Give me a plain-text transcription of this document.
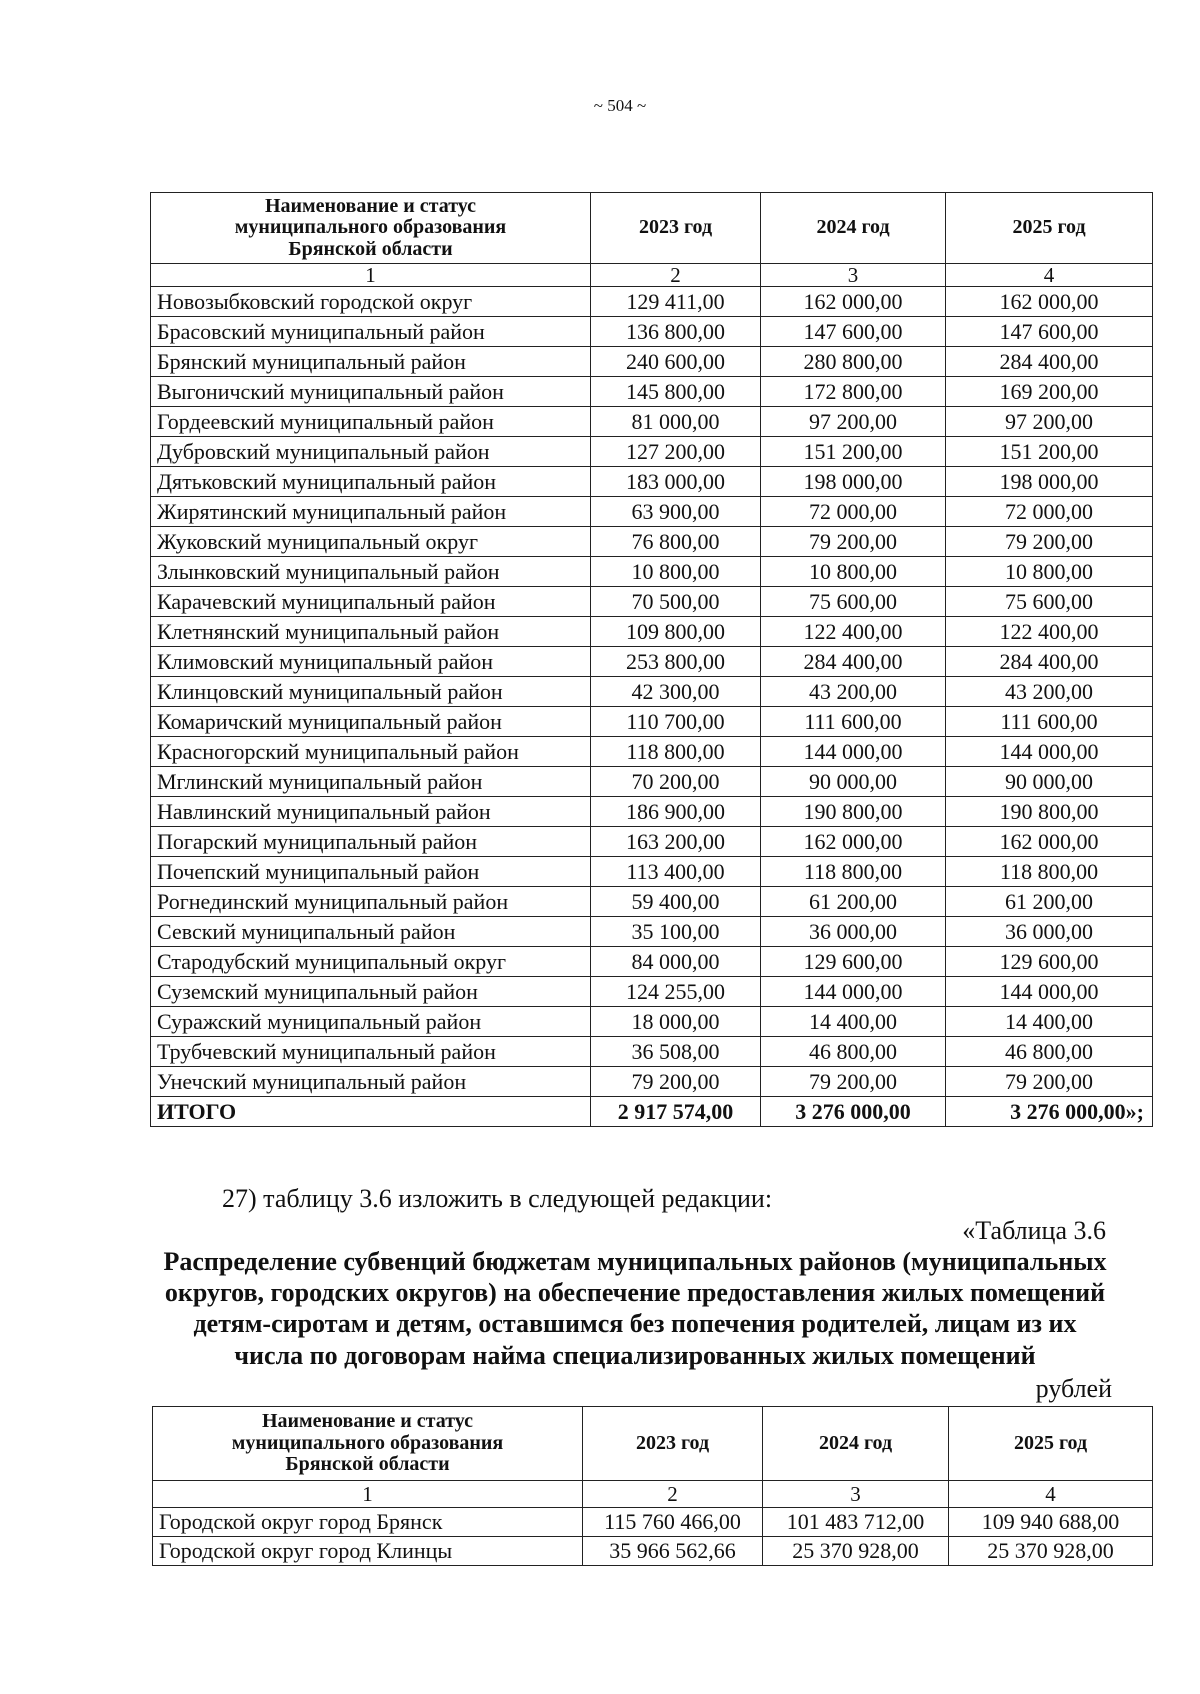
~ 504 ~
Наименование и статус муниципального образования Брянской области	2023 год	2024 год	2025 год
1	2	3	4
Новозыбковский городской округ	129 411,00	162 000,00	162 000,00
Брасовский муниципальный район	136 800,00	147 600,00	147 600,00
Брянский муниципальный район	240 600,00	280 800,00	284 400,00
Выгоничский муниципальный район	145 800,00	172 800,00	169 200,00
Гордеевский муниципальный район	81 000,00	97 200,00	97 200,00
Дубровский муниципальный район	127 200,00	151 200,00	151 200,00
Дятьковский муниципальный район	183 000,00	198 000,00	198 000,00
Жирятинский муниципальный район	63 900,00	72 000,00	72 000,00
Жуковский муниципальный округ	76 800,00	79 200,00	79 200,00
Злынковский муниципальный район	10 800,00	10 800,00	10 800,00
Карачевский муниципальный район	70 500,00	75 600,00	75 600,00
Клетнянский муниципальный район	109 800,00	122 400,00	122 400,00
Климовский муниципальный район	253 800,00	284 400,00	284 400,00
Клинцовский муниципальный район	42 300,00	43 200,00	43 200,00
Комаричский муниципальный район	110 700,00	111 600,00	111 600,00
Красногорский муниципальный район	118 800,00	144 000,00	144 000,00
Мглинский муниципальный район	70 200,00	90 000,00	90 000,00
Навлинский муниципальный район	186 900,00	190 800,00	190 800,00
Погарский муниципальный район	163 200,00	162 000,00	162 000,00
Почепский муниципальный район	113 400,00	118 800,00	118 800,00
Рогнединский муниципальный район	59 400,00	61 200,00	61 200,00
Севский муниципальный район	35 100,00	36 000,00	36 000,00
Стародубский муниципальный округ	84 000,00	129 600,00	129 600,00
Суземский муниципальный район	124 255,00	144 000,00	144 000,00
Суражский муниципальный район	18 000,00	14 400,00	14 400,00
Трубчевский муниципальный район	36 508,00	46 800,00	46 800,00
Унечский муниципальный район	79 200,00	79 200,00	79 200,00
ИТОГО	2 917 574,00	3 276 000,00	3 276 000,00»;
27) таблицу 3.6 изложить в следующей редакции:
«Таблица 3.6
Распределение субвенций бюджетам муниципальных районов (муниципальных округов, городских округов) на обеспечение предоставления жилых помещений детям-сиротам и детям, оставшимся без попечения родителей, лицам из их числа по договорам найма специализированных жилых помещений
рублей
Наименование и статус муниципального образования Брянской области	2023 год	2024 год	2025 год
1	2	3	4
Городской округ город Брянск	115 760 466,00	101 483 712,00	109 940 688,00
Городской округ город Клинцы	35 966 562,66	25 370 928,00	25 370 928,00
